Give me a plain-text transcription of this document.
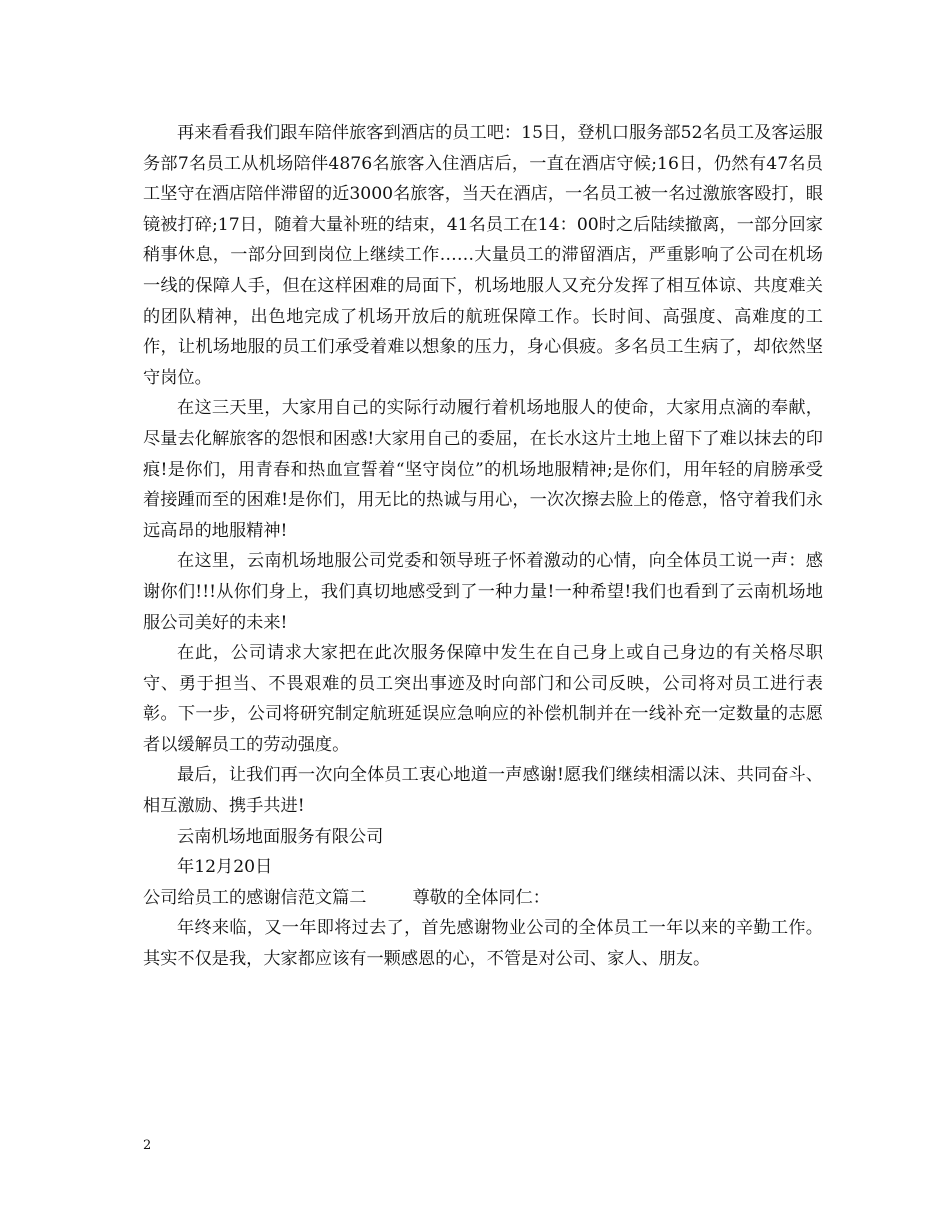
再来看看我们跟车陪伴旅客到酒店的员工吧：15日，登机口服务部52名员工及客运服务部7名员工从机场陪伴4876名旅客入住酒店后，一直在酒店守候;16日，仍然有47名员工坚守在酒店陪伴滞留的近3000名旅客，当天在酒店，一名员工被一名过激旅客殴打，眼镜被打碎;17日，随着大量补班的结束，41名员工在14：00时之后陆续撤离，一部分回家稍事休息，一部分回到岗位上继续工作……大量员工的滞留酒店，严重影响了公司在机场一线的保障人手，但在这样困难的局面下，机场地服人又充分发挥了相互体谅、共度难关的团队精神，出色地完成了机场开放后的航班保障工作。长时间、高强度、高难度的工作，让机场地服的员工们承受着难以想象的压力，身心俱疲。多名员工生病了，却依然坚守岗位。

在这三天里，大家用自己的实际行动履行着机场地服人的使命，大家用点滴的奉献，尽量去化解旅客的怨恨和困惑!大家用自己的委屈，在长水这片土地上留下了难以抹去的印痕!是你们，用青春和热血宣誓着“坚守岗位”的机场地服精神;是你们，用年轻的肩膀承受着接踵而至的困难!是你们，用无比的热诚与用心，一次次擦去脸上的倦意，恪守着我们永远高昂的地服精神!

在这里，云南机场地服公司党委和领导班子怀着激动的心情，向全体员工说一声：感谢你们!!!从你们身上，我们真切地感受到了一种力量!一种希望!我们也看到了云南机场地服公司美好的未来!

在此，公司请求大家把在此次服务保障中发生在自己身上或自己身边的有关格尽职守、勇于担当、不畏艰难的员工突出事迹及时向部门和公司反映，公司将对员工进行表彰。下一步，公司将研究制定航班延误应急响应的补偿机制并在一线补充一定数量的志愿者以缓解员工的劳动强度。

最后，让我们再一次向全体员工衷心地道一声感谢!愿我们继续相濡以沫、共同奋斗、相互激励、携手共进!

云南机场地面服务有限公司

年12月20日

公司给员工的感谢信范文篇二	尊敬的全体同仁：

年终来临，又一年即将过去了，首先感谢物业公司的全体员工一年以来的辛勤工作。其实不仅是我，大家都应该有一颗感恩的心，不管是对公司、家人、朋友。

2
